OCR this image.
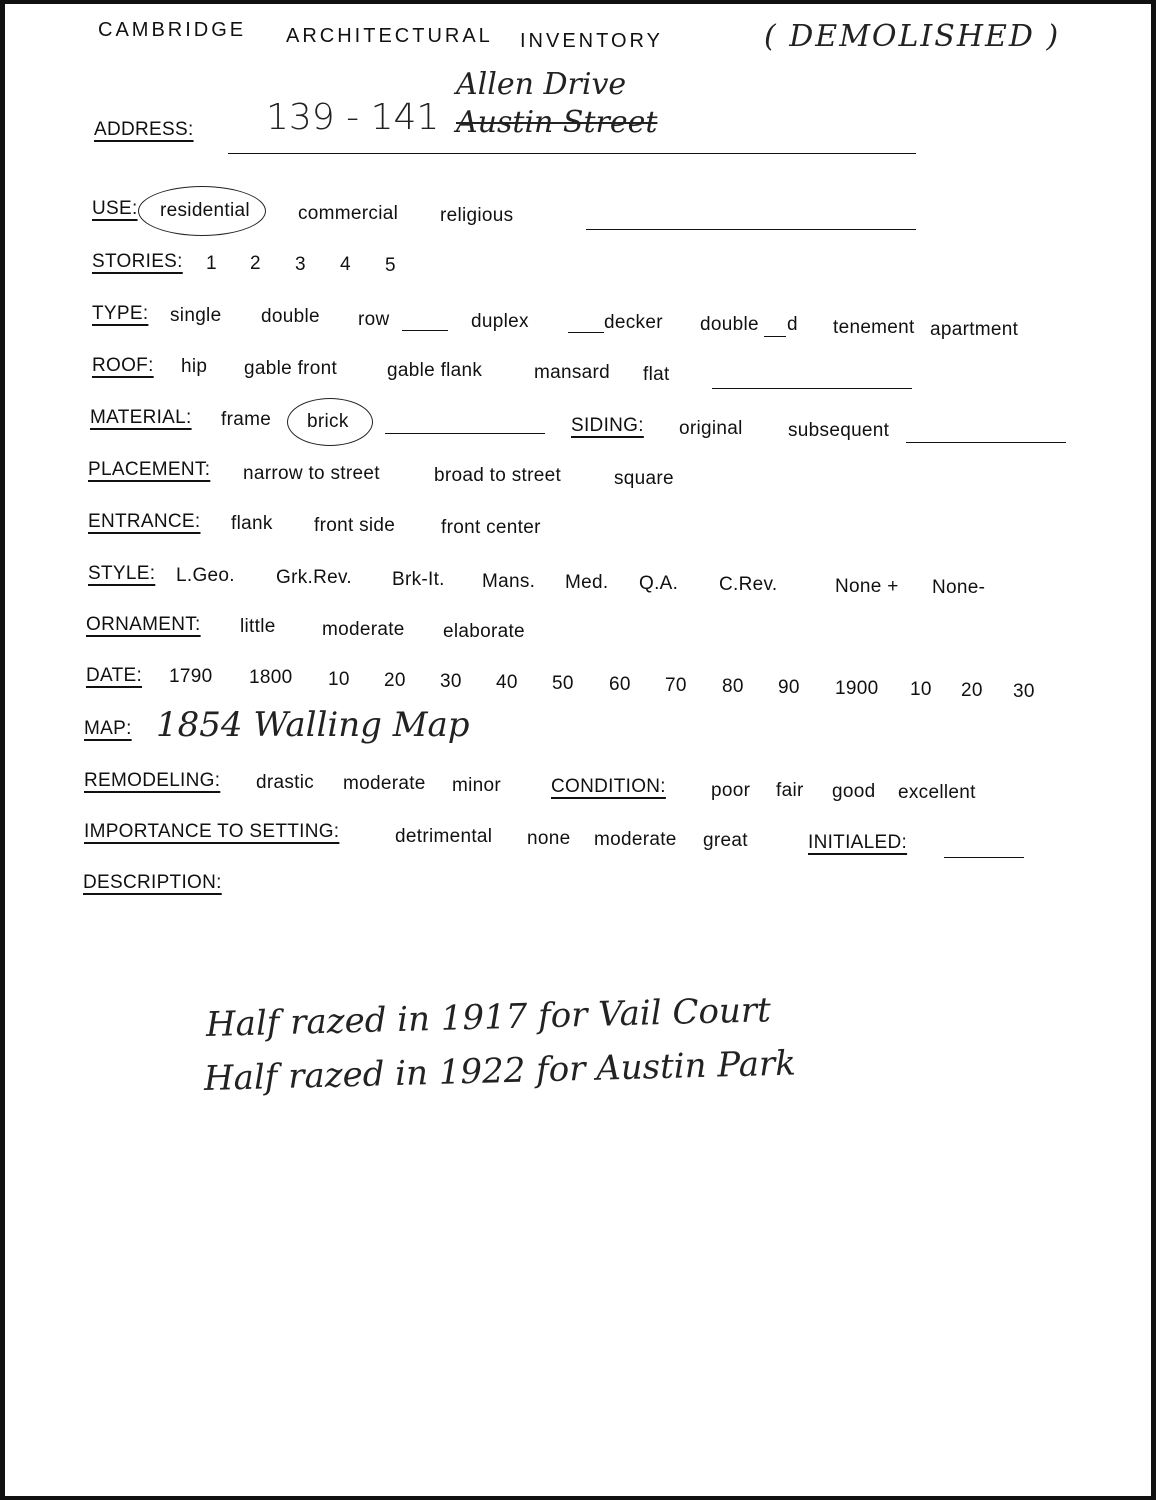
CAMBRIDGE ARCHITECTURAL INVENTORY	( DEMOLISHED )
ADDRESS: 139 - 141 Austin Street
Allen Drive
USE: residential	commercial religious
STORIES: 1 2 3 4 5
TYPE: single double row	duplex	decker double d tenement apartment
ROOF: hip gable front	gable flank	mansard flat
MATERIAL: frame brick	SIDING: original subsequent
PLACEMENT: narrow to street	broad to street	square
ENTRANCE: flank front side front center
STYLE: L.Geo. Grk.Rev. Brk-It. Mans. Med. Q.A. C.Rev.	None + None-
ORNAMENT: little moderate elaborate
DATE: 1790 1800 10 20 30 40 50 60 70 80 90 1900 10 20 30
MAP: 1854 Walling Map
REMODELING: drastic moderate minor	CONDITION: poor fair good excellent
IMPORTANCE TO SETTING:	detrimental none moderate great	INITIALED:
DESCRIPTION:
Half razed in 1917 for Vail Court
Half razed in 1922 for Austin Park
